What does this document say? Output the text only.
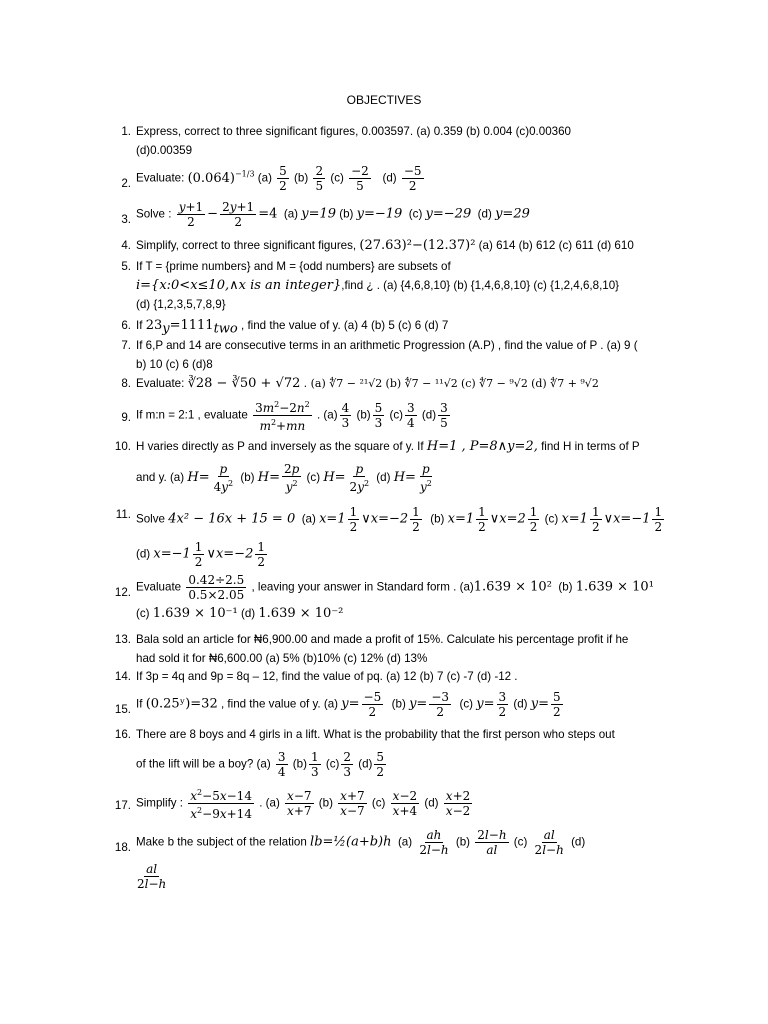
OBJECTIVES
1. Express, correct to three significant figures, 0.003597. (a) 0.359 (b) 0.004 (c)0.00360
(d)0.00359
2. Evaluate: $(0.064)^{-1/3}$ $(a) \frac{5}{2} (b) \frac{2}{5} (c) \frac{-2}{5} (d) \frac{-5}{2}$
3. Solve : $\frac{y+1}{2} - \frac{2y+1}{2} =4$ (a) y=19 (b) y=−19 (c) y=−29 (d) y=29
4. Simplify, correct to three significant figures, (27.63)²−(12.37)² (a) 614 (b) 612 (c) 611 (d) 610
5. If T = {prime numbers} and M = {odd numbers} are subsets of
i={x:0<x≤10,∧x is an integer},find ¿ . (a) {4,6,8,10} (b) {1,4,6,8,10} (c) {1,2,4,6,8,10}
(d) {1,2,3,5,7,8,9}
6. If $23_y=1111_{two}$ , find the value of y. (a) 4 (b) 5 (c) 6 (d) 7
7. If 6,P and 14 are consecutive terms in an arithmetic Progression (A.P) , find the value of P . (a) 9 (
b) 10 (c) 6 (d)8
8. Evaluate: ∛28 − ∛50 + √72 . (a) ∜7 − ²¹√2 (b) ∜7 − ¹¹√2 (c) ∜7 − ⁹√2 (d) ∜7 + ⁹√2
9. If m:n = 2:1 , evaluate $\frac{3m^2-2n^2}{m^2+mn}$ . $(a) \frac{4}{3} (b) \frac{5}{3} (c) \frac{3}{4} (d) \frac{3}{5}$
10. H varies directly as P and inversely as the square of y. If H=1 , P=8∧y=2, find H in terms of P
and y. (a) $H= \frac{p}{4y^2} (b)$ $H= \frac{2p}{y^2} (c)$ $H= \frac{p}{2y^2} (d)$ $H= \frac{p}{y^2}$
11. Solve 4x² − 16x + 15 = 0 (a) $x=1 \frac{1}{2}$ ∨x=−2 $\frac{1}{2} (b)$ $x=1 \frac{1}{2}$ ∨x=2 $\frac{1}{2} (c)$ $x=1 \frac{1}{2}$ ∨x=−1 $\frac{1}{2}$
(d) $x=-1 \frac{1}{2}$ ∨x=−2 $\frac{1}{2}$
12. Evaluate $\frac{0.42\div 2.5}{0.5\times 2.05}$ , leaving your answer in Standard form . (a)1.639 × 10² (b) 1.639 × 10¹
(c) 1.639 × 10⁻¹ (d) 1.639 × 10⁻²
13. Bala sold an article for ₦6,900.00 and made a profit of 15%. Calculate his percentage profit if he
had sold it for ₦6,600.00 (a) 5% (b)10% (c) 12% (d) 13%
14. If 3p = 4q and 9p = 8q – 12, find the value of pq. (a) 12 (b) 7 (c) -7 (d) -12 .
15. If (0.25ʸ)=32 , find the value of y. (a) $y= \frac{-5}{2} (b)$ $y= \frac{-3}{2} (c)$ $y= \frac{3}{2} (d)$ $y= \frac{5}{2}$
16. There are 8 boys and 4 girls in a lift. What is the probability that the first person who steps out
of the lift will be a boy? $(a) \frac{3}{4} (b) \frac{1}{3} (c) \frac{2}{3} (d) \frac{5}{2}$
17. Simplify : $\frac{x^2-5x-14}{x^2-9x+14}$ . $(a) \frac{x-7}{x+7} (b) \frac{x+7}{x-7} (c) \frac{x-2}{x+4} (d) \frac{x+2}{x-2}$
18. Make b the subject of the relation lb=½(a+b)h $(a) \frac{ah}{2l-h} (b) \frac{2l-h}{al} (c) \frac{al}{2l-h} (d)$
$\frac{al}{2l-h}$
